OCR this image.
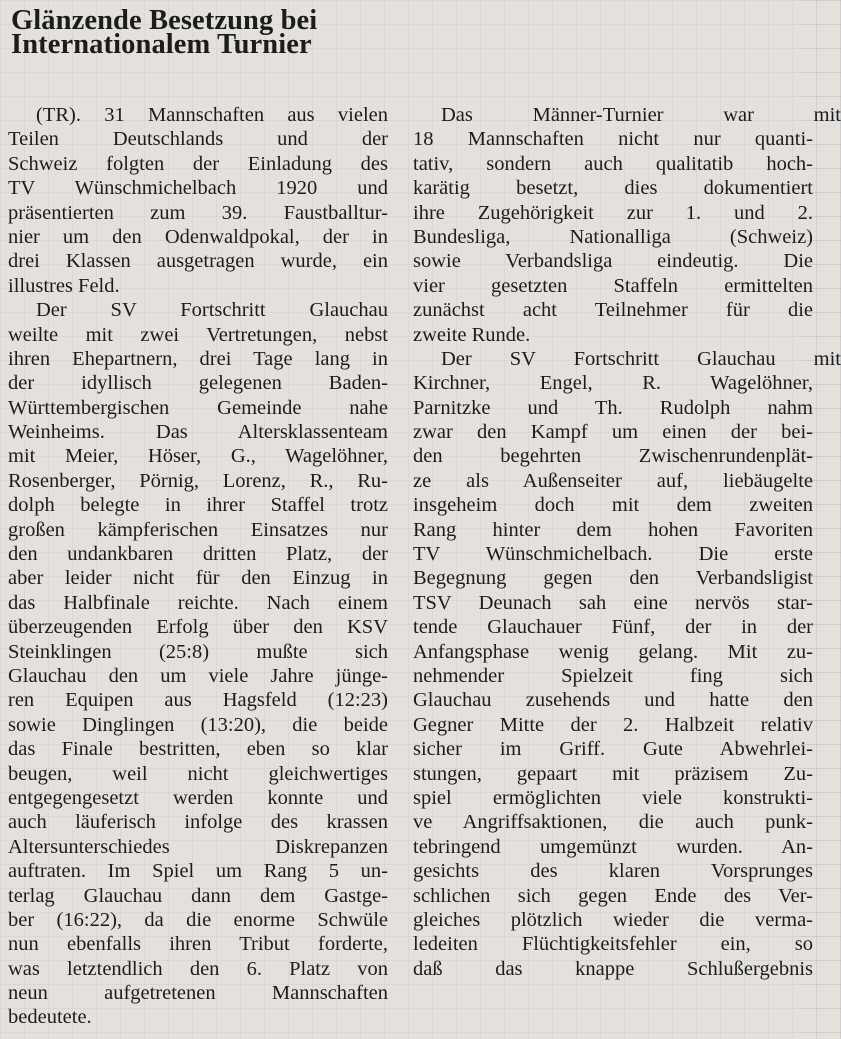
Glänzende Besetzung bei
Internationalem Turnier
(TR). 31 Mannschaften aus vielen
Teilen Deutschlands und der
Schweiz folgten der Einladung des
TV Wünschmichelbach 1920 und
präsentierten zum 39. Faustballtur-
nier um den Odenwaldpokal, der in
drei Klassen ausgetragen wurde, ein
illustres Feld.
Der SV Fortschritt Glauchau
weilte mit zwei Vertretungen, nebst
ihren Ehepartnern, drei Tage lang in
der idyllisch gelegenen Baden-
Württembergischen Gemeinde nahe
Weinheims. Das Altersklassenteam
mit Meier, Höser, G., Wagelöhner,
Rosenberger, Pörnig, Lorenz, R., Ru-
dolph belegte in ihrer Staffel trotz
großen kämpferischen Einsatzes nur
den undankbaren dritten Platz, der
aber leider nicht für den Einzug in
das Halbfinale reichte. Nach einem
überzeugenden Erfolg über den KSV
Steinklingen (25:8) mußte sich
Glauchau den um viele Jahre jünge-
ren Equipen aus Hagsfeld (12:23)
sowie Dinglingen (13:20), die beide
das Finale bestritten, eben so klar
beugen, weil nicht gleichwertiges
entgegengesetzt werden konnte und
auch läuferisch infolge des krassen
Altersunterschiedes Diskrepanzen
auftraten. Im Spiel um Rang 5 un-
terlag Glauchau dann dem Gastge-
ber (16:22), da die enorme Schwüle
nun ebenfalls ihren Tribut forderte,
was letztendlich den 6. Platz von
neun aufgetretenen Mannschaften
bedeutete.
Das Männer-Turnier war mit
18 Mannschaften nicht nur quanti-
tativ, sondern auch qualitatib hoch-
karätig besetzt, dies dokumentiert
ihre Zugehörigkeit zur 1. und 2.
Bundesliga, Nationalliga (Schweiz)
sowie Verbandsliga eindeutig. Die
vier gesetzten Staffeln ermittelten
zunächst acht Teilnehmer für die
zweite Runde.
Der SV Fortschritt Glauchau mit
Kirchner, Engel, R. Wagelöhner,
Parnitzke und Th. Rudolph nahm
zwar den Kampf um einen der bei-
den begehrten Zwischenrundenplät-
ze als Außenseiter auf, liebäugelte
insgeheim doch mit dem zweiten
Rang hinter dem hohen Favoriten
TV Wünschmichelbach. Die erste
Begegnung gegen den Verbandsligist
TSV Deunach sah eine nervös star-
tende Glauchauer Fünf, der in der
Anfangsphase wenig gelang. Mit zu-
nehmender Spielzeit fing sich
Glauchau zusehends und hatte den
Gegner Mitte der 2. Halbzeit relativ
sicher im Griff. Gute Abwehrlei-
stungen, gepaart mit präzisem Zu-
spiel ermöglichten viele konstrukti-
ve Angriffsaktionen, die auch punk-
tebringend umgemünzt wurden. An-
gesichts des klaren Vorsprunges
schlichen sich gegen Ende des Ver-
gleiches plötzlich wieder die verma-
ledeiten Flüchtigkeitsfehler ein, so
daß das knappe Schlußergebnis
